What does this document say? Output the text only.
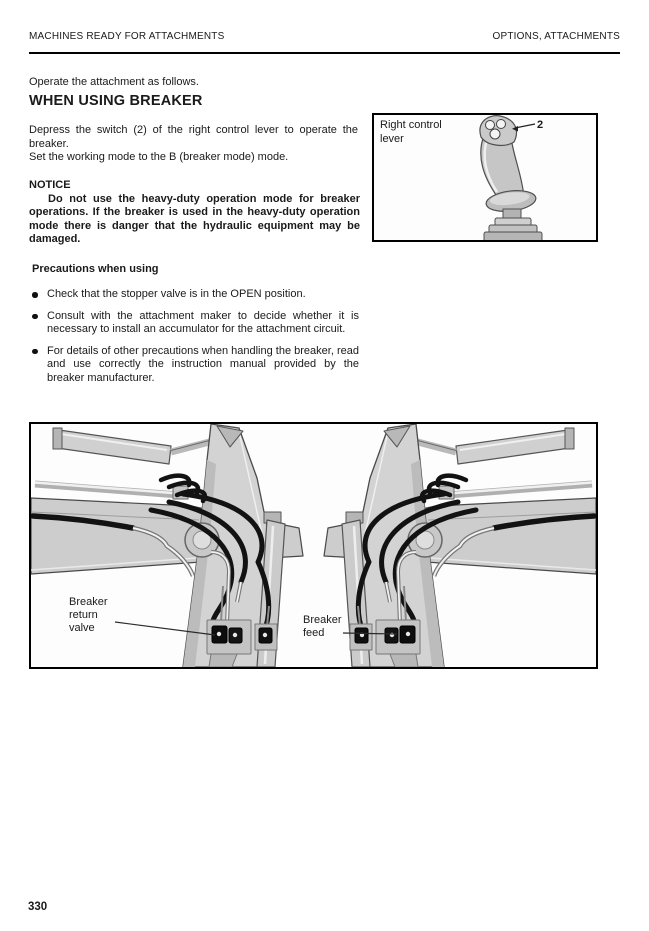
MACHINES READY FOR ATTACHMENTS	OPTIONS, ATTACHMENTS
Operate the attachment as follows.
WHEN USING BREAKER
Depress the switch (2) of the right control lever to operate the breaker.
Set the working mode to the B (breaker mode) mode.
NOTICE
Do not use the heavy-duty operation mode for breaker operations. If the breaker is used in the heavy-duty operation mode there is danger that the hydraulic equipment may be damaged.
Precautions when using
Check that the stopper valve is in the OPEN position.
Consult with the attachment maker to decide whether it is necessary to install an accumulator for the attachment circuit.
For details of other precautions when handling the breaker, read and use correctly the instruction manual provided by the breaker manufacturer.
2
Right control lever
Breaker
return
valve
Breaker
feed
330
